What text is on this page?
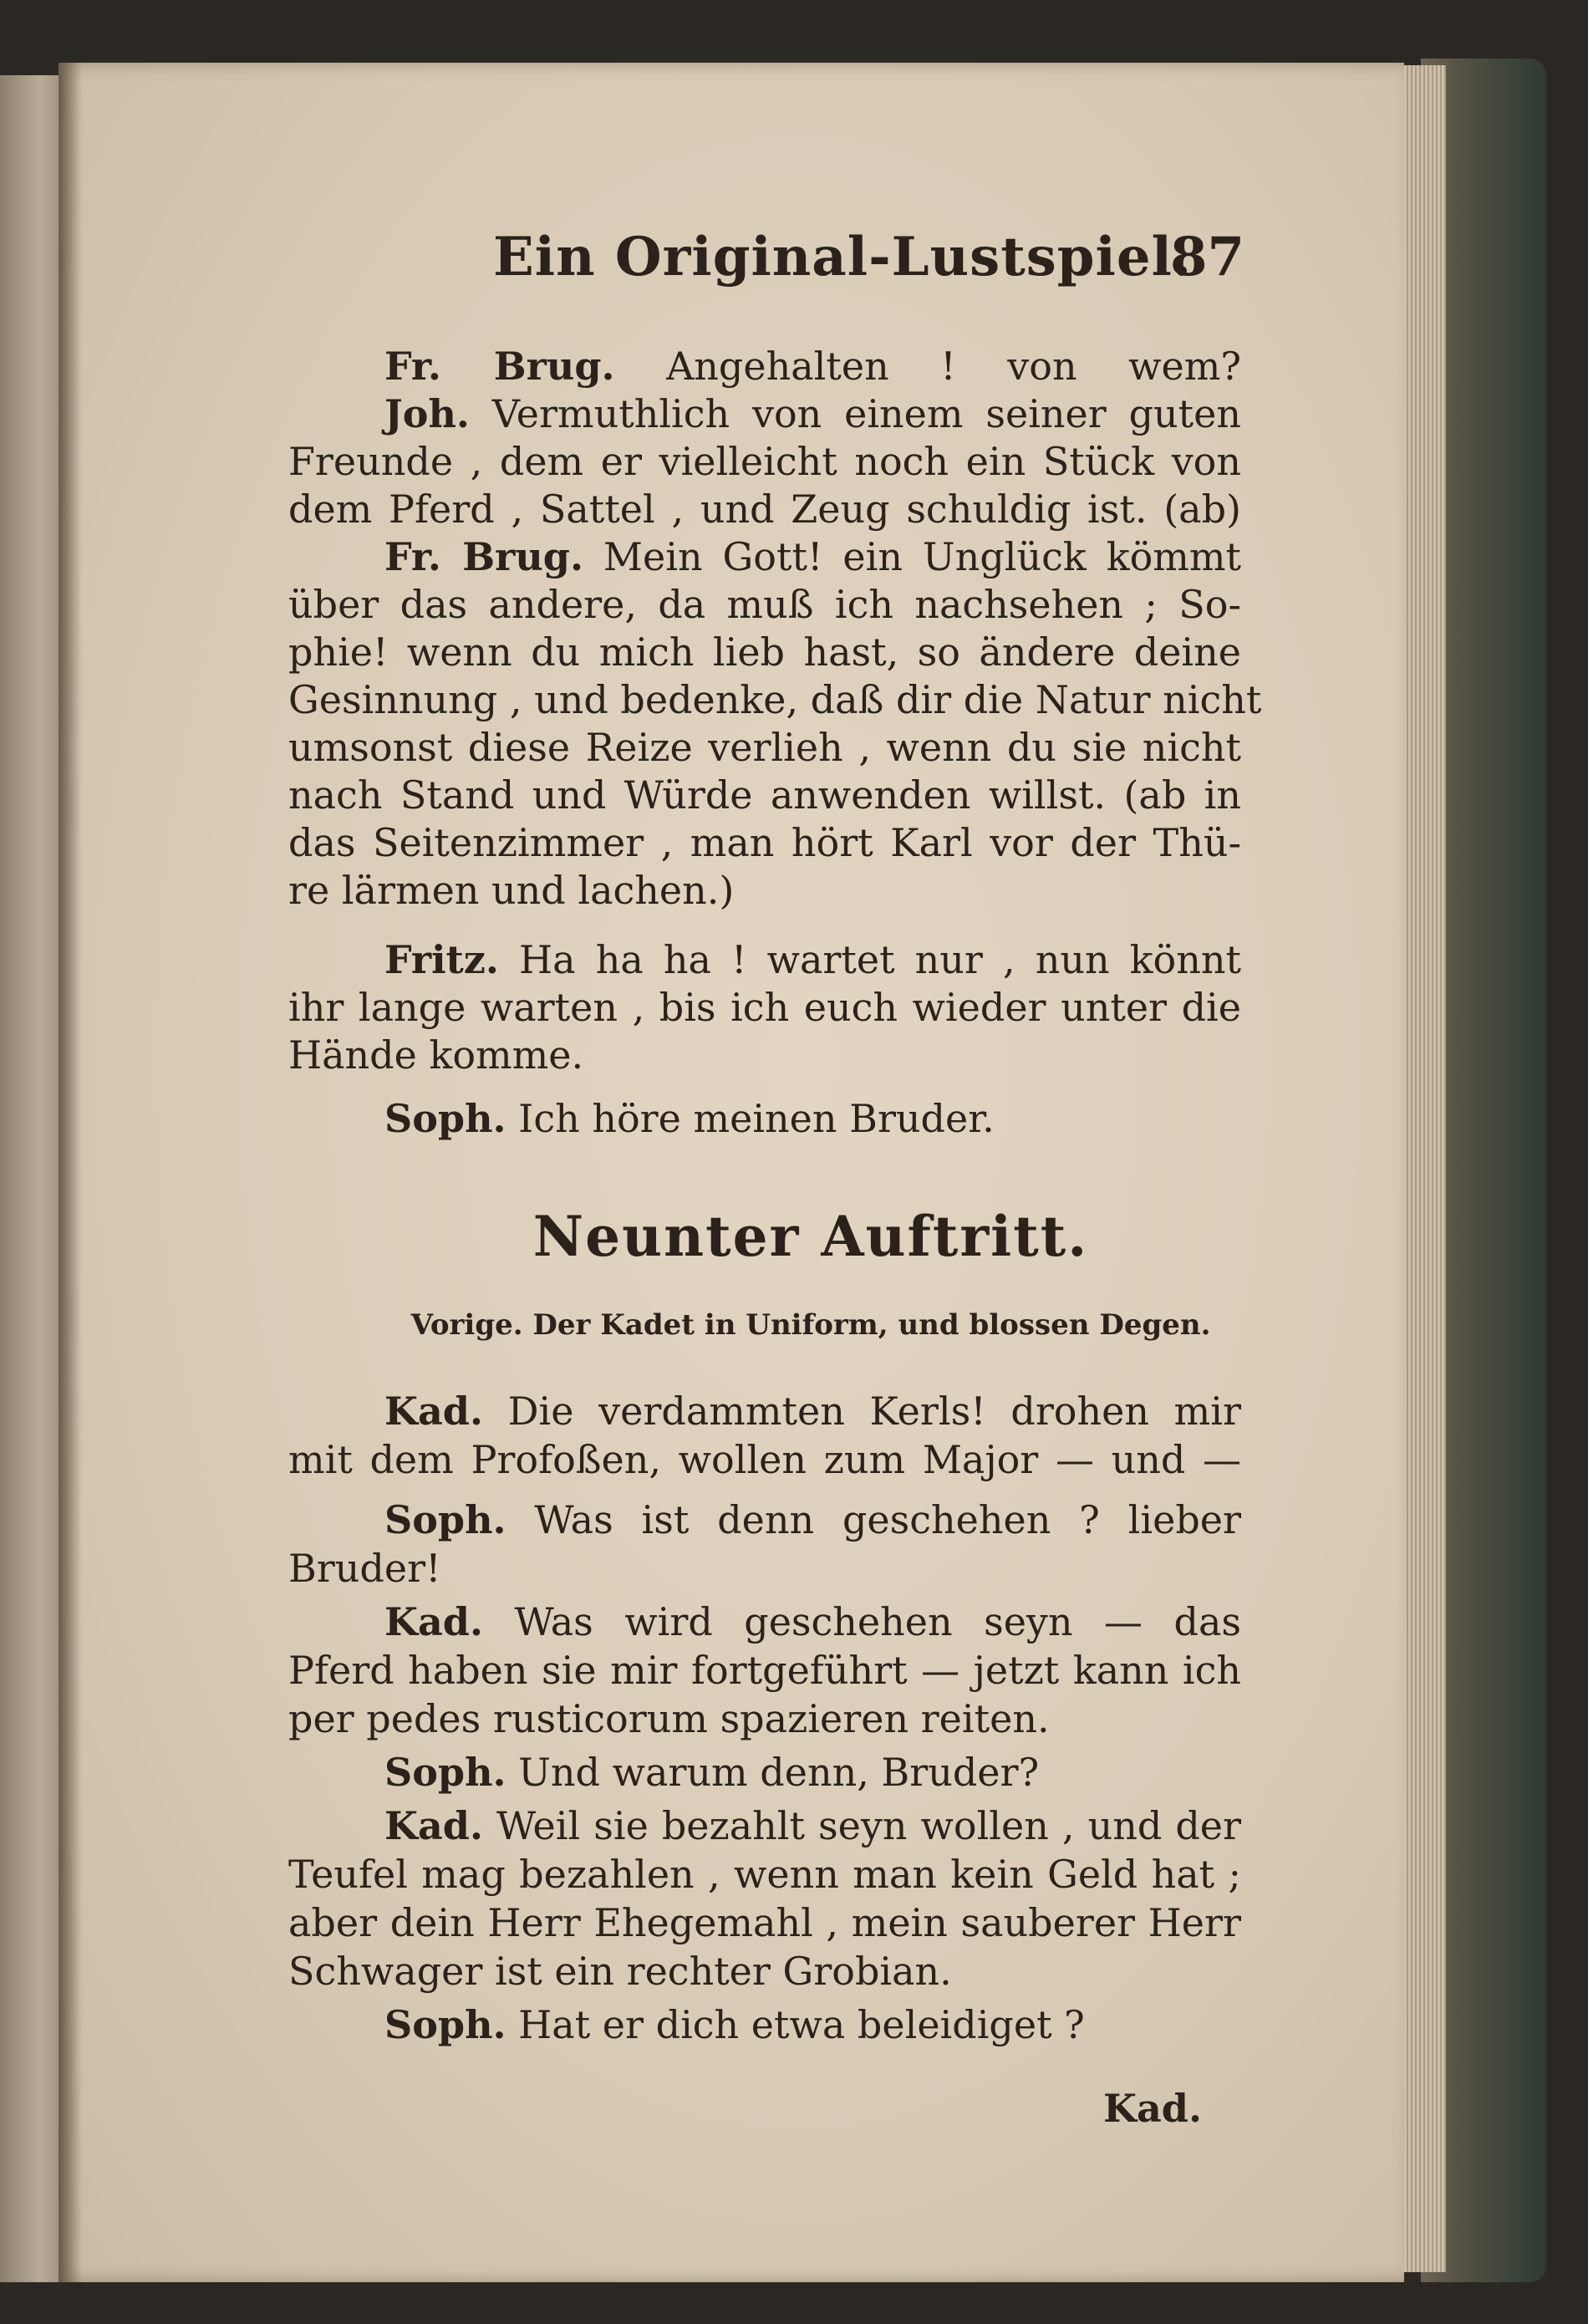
Ein Original-Lustspiel.
87
Fr. Brug. Angehalten ! von wem?
Joh. Vermuthlich von einem seiner guten
Freunde , dem er vielleicht noch ein Stück von
dem Pferd , Sattel , und Zeug schuldig ist. (ab)
Fr. Brug. Mein Gott! ein Unglück kömmt
über das andere, da muß ich nachsehen ; So-
phie! wenn du mich lieb hast, so ändere deine
Gesinnung , und bedenke, daß dir die Natur nicht
umsonst diese Reize verlieh , wenn du sie nicht
nach Stand und Würde anwenden willst. (ab in
das Seitenzimmer , man hört Karl vor der Thü-
re lärmen und lachen.)
Fritz. Ha ha ha ! wartet nur , nun könnt
ihr lange warten , bis ich euch wieder unter die
Hände komme.
Soph. Ich höre meinen Bruder.
Neunter Auftritt.
Vorige. Der Kadet in Uniform, und blossen Degen.
Kad. Die verdammten Kerls! drohen mir
mit dem Profoßen, wollen zum Major — und —
Soph. Was ist denn geschehen ? lieber
Bruder!
Kad. Was wird geschehen seyn — das
Pferd haben sie mir fortgeführt — jetzt kann ich
per pedes rusticorum spazieren reiten.
Soph. Und warum denn, Bruder?
Kad. Weil sie bezahlt seyn wollen , und der
Teufel mag bezahlen , wenn man kein Geld hat ;
aber dein Herr Ehegemahl , mein sauberer Herr
Schwager ist ein rechter Grobian.
Soph. Hat er dich etwa beleidiget ?
Kad.
